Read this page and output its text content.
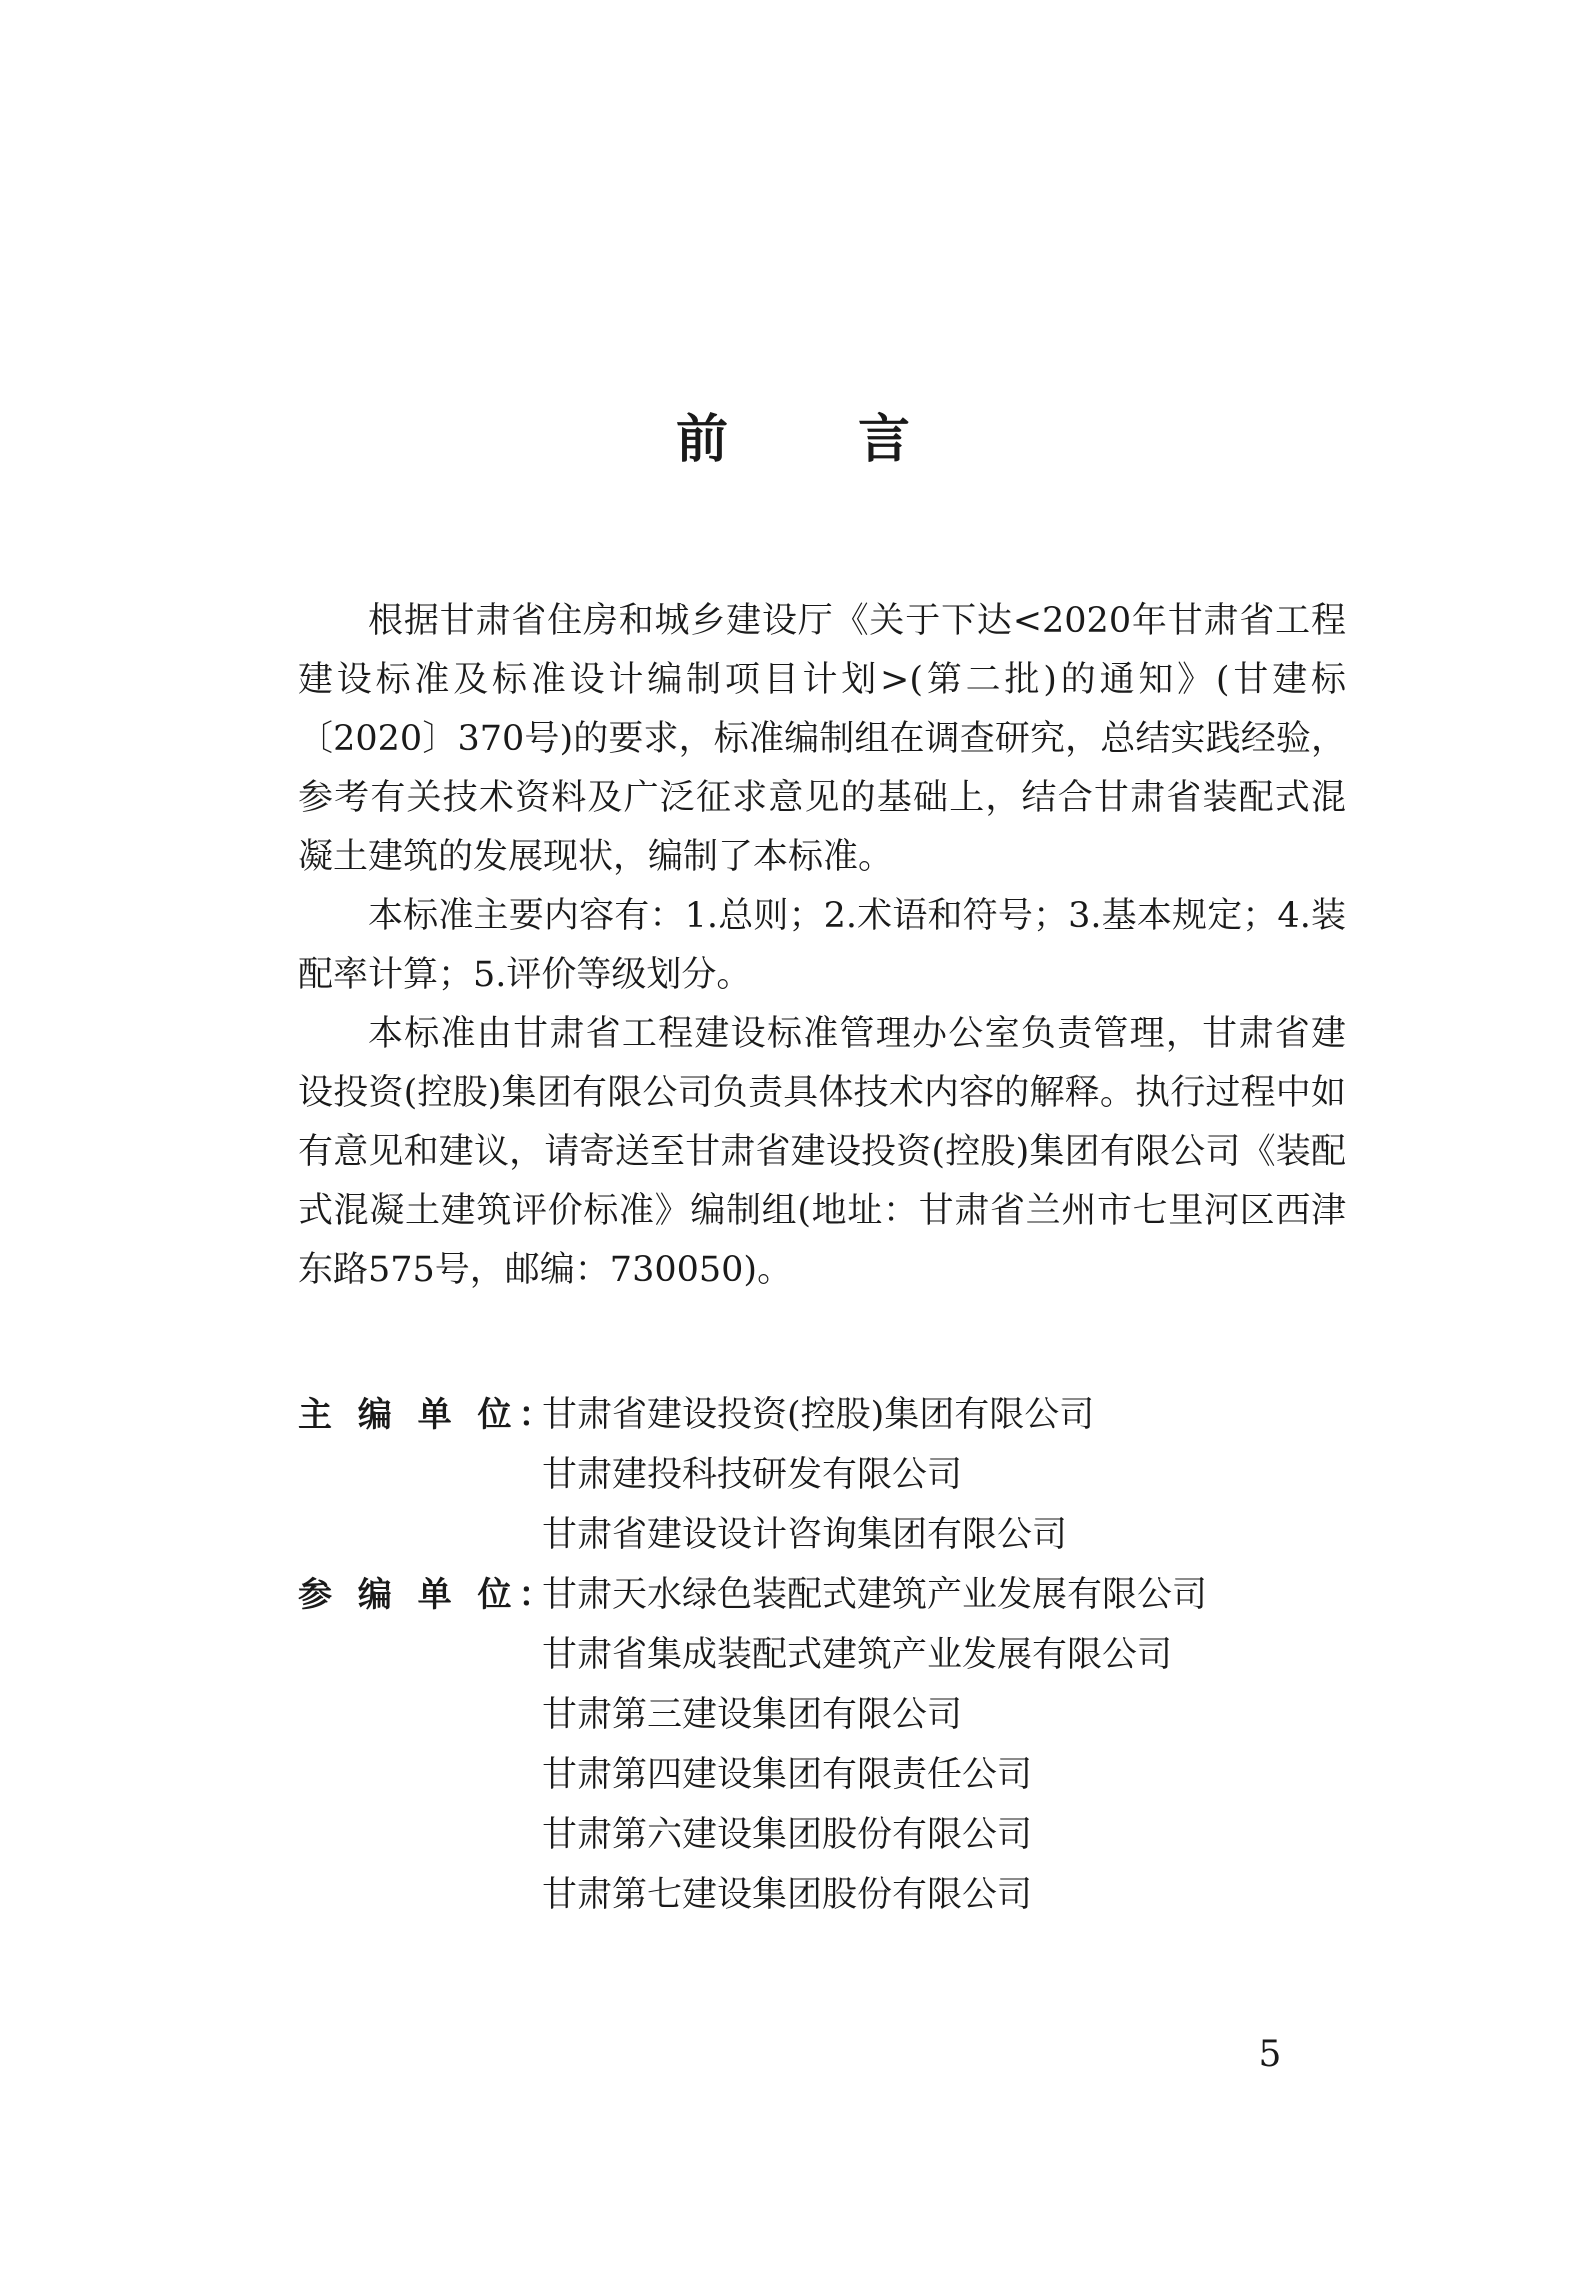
前 言

根据甘肃省住房和城乡建设厅《关于下达<2020年甘肃省工程建设标准及标准设计编制项目计划>(第二批)的通知》(甘建标〔2020〕370号)的要求，标准编制组在调查研究，总结实践经验，参考有关技术资料及广泛征求意见的基础上，结合甘肃省装配式混凝土建筑的发展现状，编制了本标准。

本标准主要内容有：1.总则；2.术语和符号；3.基本规定；4.装配率计算；5.评价等级划分。

本标准由甘肃省工程建设标准管理办公室负责管理，甘肃省建设投资(控股)集团有限公司负责具体技术内容的解释。执行过程中如有意见和建议，请寄送至甘肃省建设投资(控股)集团有限公司《装配式混凝土建筑评价标准》编制组(地址：甘肃省兰州市七里河区西津东路575号，邮编：730050)。

主 编 单 位：
甘肃省建设投资(控股)集团有限公司
甘肃建投科技研发有限公司
甘肃省建设设计咨询集团有限公司
参 编 单 位：
甘肃天水绿色装配式建筑产业发展有限公司
甘肃省集成装配式建筑产业发展有限公司
甘肃第三建设集团有限公司
甘肃第四建设集团有限责任公司
甘肃第六建设集团股份有限公司
甘肃第七建设集团股份有限公司
5
